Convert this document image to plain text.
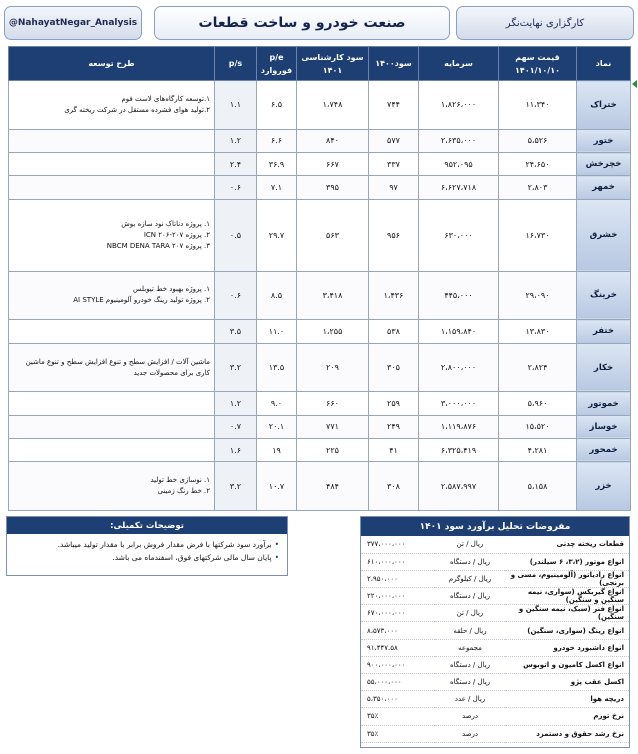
@NahayatNegar_Analysis	صنعت خودرو و ساخت قطعات	کارگزاری نهایت‌نگر
نماد	قیمت سهم ۱۴۰۱/۱۰/۱۰	سرمایه	سود۱۴۰۰	سود کارشناسی ۱۴۰۱	p/e فوروارد	p/s	طرح توسعه
ختراک	۱۱،۳۴۰	۱،۸۲۶،۰۰۰	۷۴۴	۱،۷۴۸	۶.۵	۱.۱	۱.توسعه کارگاه‌های لاست فوم
۲.تولید هواى فشرده مستقل در شرکت ریخته گرى

ختور	۵،۵۲۶	۲،۶۳۵،۰۰۰	۵۷۷	۸۴۰	۶.۶	۱.۲	
خچرخش	۲۴،۶۵۰	۹۵۲،۰۹۵	۳۳۷	۶۶۷	۳۶.۹	۲.۴	
خمهر	۲،۸۰۳	۶،۶۲۷،۷۱۸	۹۷	۳۹۵	۷.۱	۰.۶	
خشرق	۱۶،۷۳۰	۶۳۰،۰۰۰	۹۵۶	۵۶۳	۲۹.۷	۰.۵	۱. پروژه دناتاک نود سازه بوش
۲. پروژه ICN ۲۰۶-۲۰۷
۳. پروژه NBCM DENA TARA ۲۰۷

خرینگ	۲۹،۰۹۰	۴۴۵،۰۰۰	۱،۴۳۶	۳،۴۱۸	۸.۵	۰.۶	۱. پروژه بهبود خط تیوبلس
۲. پروژه تولید رینگ خودرو آلومینیوم AI STYLE

ختفر	۱۳،۸۳۰	۱،۱۵۹،۸۴۰	۵۳۸	۱،۲۵۵	۱۱.۰	۳.۵	
خکار	۲،۸۲۴	۲،۸۰۰،۰۰۰	۳۰۵	۲۰۹	۱۳.۵	۳.۲	ماشین آلات / افزایش سطح و تنوع افزایش سطح و تنوع ماشین
کاری برای محصولات جدید

خموتور	۵،۹۶۰	۳،۰۰۰،۰۰۰	۲۵۹	۶۶۰	۹.۰	۱.۲	
خوساز	۱۵،۵۲۰	۱،۱۱۹،۸۷۶	۲۴۹	۷۷۱	۲۰.۱	۰.۷	
خمحور	۴،۲۸۱	۶،۳۲۵،۴۱۹	۴۱	۲۲۵	۱۹	۱.۶	
خزر	۵،۱۵۸	۲،۵۸۷،۹۹۷	۳۰۸	۴۸۴	۱۰.۷	۳.۲	۱. نوسازی خط تولید
۲. خط رنگ زمینی
توضیحات تکمیلی:
• برآورد سود شرکتها با فرض مقدار فروش برابر با مقدار تولید میباشد.
• پایان سال مالی شرکتهای فوق، اسفندماه می باشد.
مفروضات تحلیل برآورد سود ۱۴۰۱
قطعات ریخته چدنی	ریال / تن	۳۷۷،۰۰۰،۰۰۰
انواع موتور (۳،۲، ۶ سیلندر)	ریال / دستگاه	۶۱۰،۰۰۰،۰۰۰
انواع رادیاتور (آلومینیوم، مسی و برنجی)	ریال / کیلوگرم	۲،۹۵۰،۰۰۰
انواع گیربکس (سواری، نیمه سنگین و سنگین)	ریال / دستگاه	۲۲۰،۰۰۰،۰۰۰
انواع فنر (سبک، نیمه سنگین و سنگین)	ریال / تن	۶۷۰،۰۰۰،۰۰۰
انواع رینگ (سواری، سنگین)	ریال / حلقه	۸،۵۷۳،۰۰۰
انواع داشبورد خودرو	مجموعه	۹۱،۴۴۷.۵۸
انواع اکسل کامیون و اتوبوس	ریال / دستگاه	۹۰۰،۰۰۰،۰۰۰
اکسل عقب پژو	ریال / دستگاه	۵۵،۰۰۰،۰۰۰
دریچه هوا	ریال / عدد	۵،۳۵۰،۰۰۰
نرخ تورم	درصد	۳۵٪
نرخ رشد حقوق و دستمزد	درصد	۳۵٪
